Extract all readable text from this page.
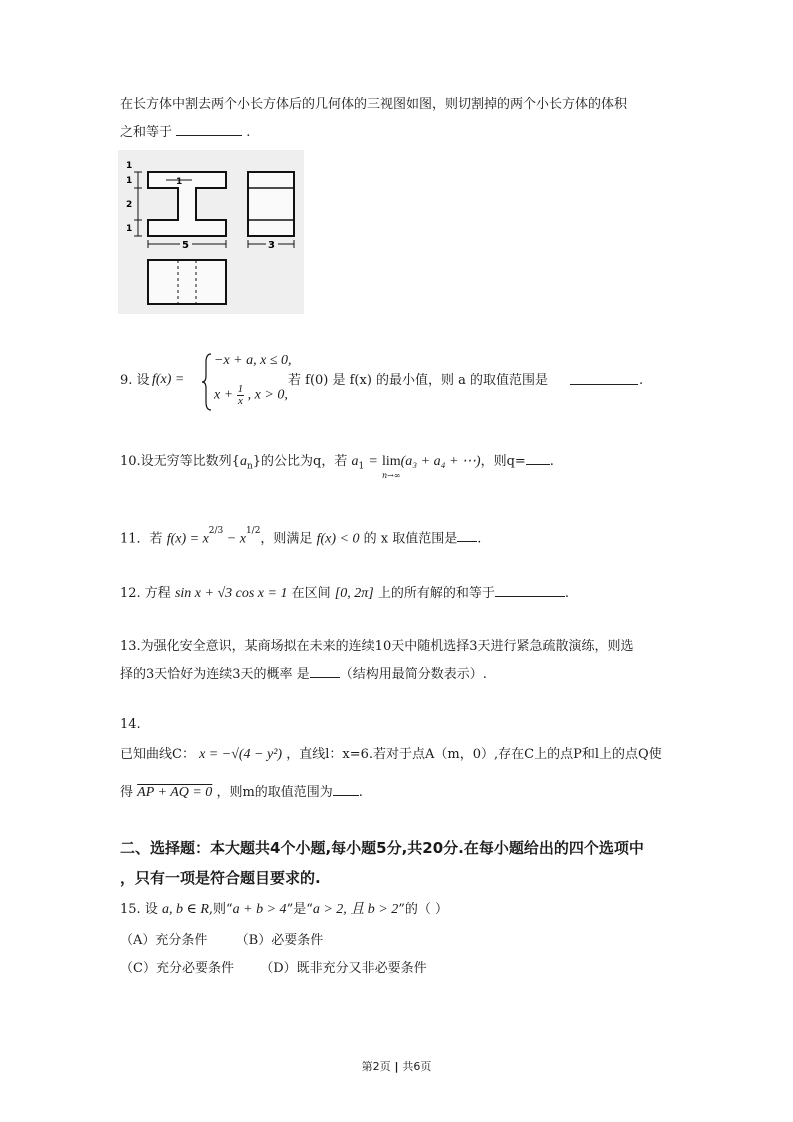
在长方体中割去两个小长方体后的几何体的三视图如图，则切割掉的两个小长方体的体积
之和等于	.
1
1
2
1
1
5	3
9. 设 f(x) =
−x + a, x ≤ 0,
$x + \frac{1}{x}$ , x > 0,
若 f(0) 是 f(x) 的最小值，则 a 的取值范围是	.
10.设无穷等比数列$\{a_n\}$的公比为q，若 $a_1 = \lim$
n→∞
(a₃ + a₄ + ⋯)，则q= .
11．若 $f(x) = x^{2/3} - x^{1/2}$，则满足 f(x) < 0 的 x 取值范围是 .
12. 方程 sin x + √3 cos x = 1 在区间 [0, 2π] 上的所有解的和等于	.
13.为强化安全意识，某商场拟在未来的连续10天中随机选择3天进行紧急疏散演练，则选
择的3天恰好为连续3天的概率 是 （结构用最简分数表示）.
14.
已知曲线C： x = −√(4 − y²) ，直线l：x=6.若对于点A（m，0）,存在C上的点P和l上的点Q使
得 AP + AQ = 0 ，则m的取值范围为 .
二、选择题：本大题共4个小题,每小题5分,共20分.在每小题给出的四个选项中
，只有一项是符合题目要求的.
15. 设 a, b ∈ R,则“a + b > 4”是“a > 2, 且 b > 2”的（ ）
（A）充分条件 （B）必要条件
（C）充分必要条件 （D）既非充分又非必要条件
第2页 | 共6页
